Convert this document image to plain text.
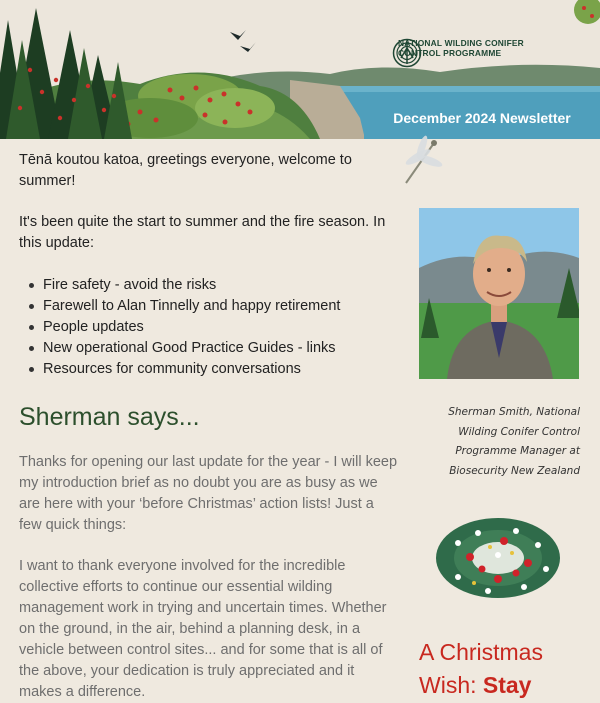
NATIONAL WILDING CONIFER
CONTROL PROGRAMME
December 2024 Newsletter

Tēnā koutou katoa, greetings everyone, welcome to summer!

It's been quite the start to summer and the fire season. In this update:

Fire safety - avoid the risks
Farewell to Alan Tinnelly and happy retirement
People updates
New operational Good Practice Guides - links
Resources for community conversations
Sherman says...

Thanks for opening our last update for the year - I will keep my introduction brief as no doubt you are as busy as we are here with your ‘before Christmas’ action lists! Just a few quick things:

I want to thank everyone involved for the incredible collective efforts to continue our essential wilding management work in trying and uncertain times. Whether on the ground, in the air, behind a planning desk, in a vehicle between control sites... and for some that is all of the above, your dedication is truly appreciated and it makes a difference.

Sherman Smith, National Wilding Conifer Control Programme Manager at Biosecurity New Zealand
A Christmas Wish: Stay
